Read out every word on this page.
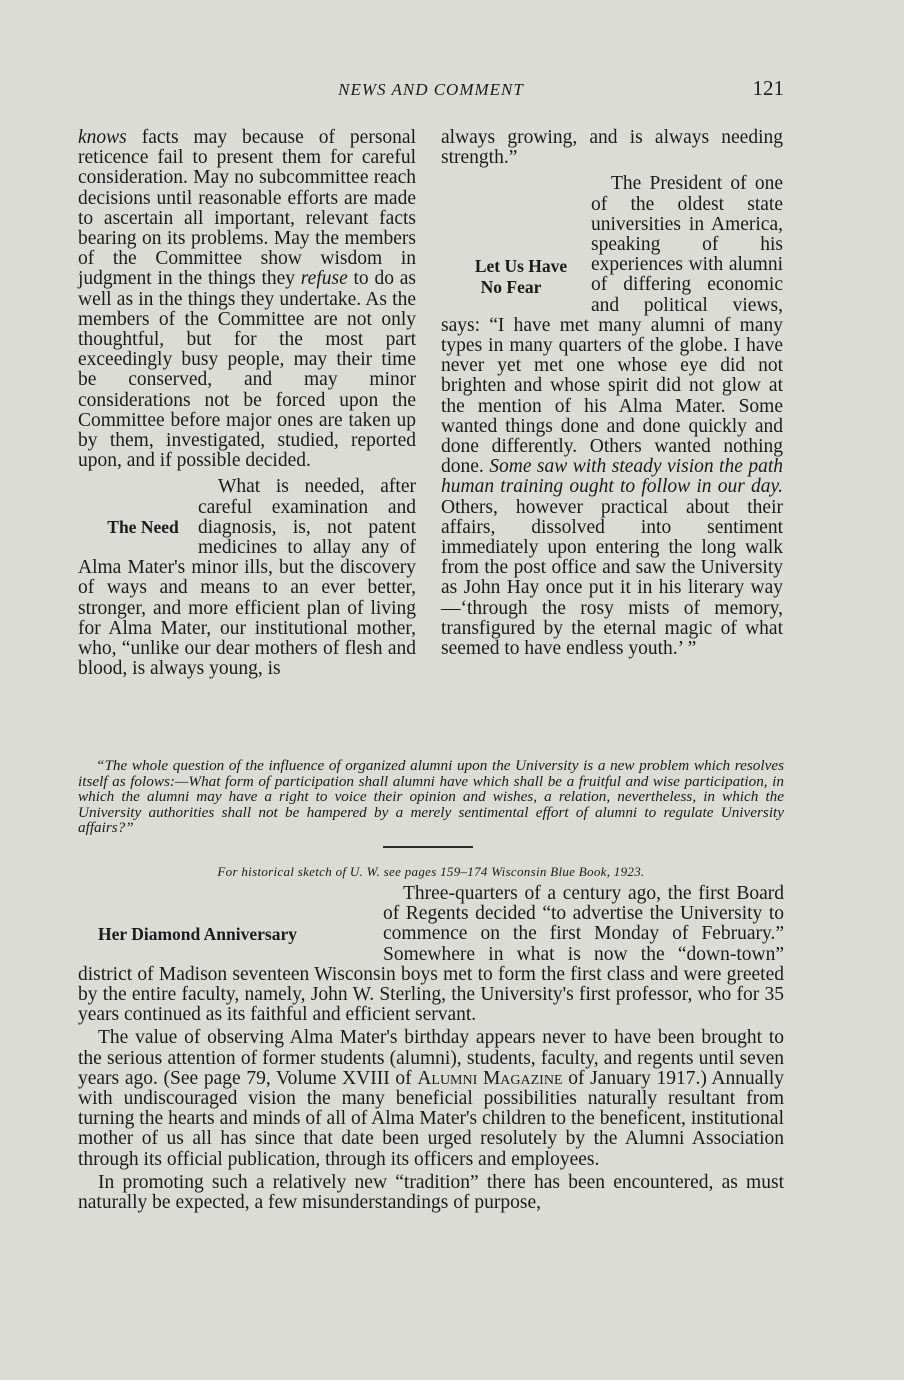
NEWS AND COMMENT	121

knows facts may because of personal reticence fail to present them for careful consideration. May no subcommittee reach decisions until reasonable efforts are made to ascertain all important, relevant facts bearing on its problems. May the members of the Committee show wisdom in judgment in the things they refuse to do as well as in the things they undertake. As the members of the Committee are not only thoughtful, but for the most part exceedingly busy people, may their time be conserved, and may minor considerations not be forced upon the Committee before major ones are taken up by them, investigated, studied, reported upon, and if possible decided.

The Need
What is needed, after careful examination and diagnosis, is, not patent medicines to allay any of Alma Mater's minor ills, but the discovery of ways and means to an ever better, stronger, and more efficient plan of living for Alma Mater, our institutional mother, who, “unlike our dear mothers of flesh and blood, is always young, is

always growing, and is always needing strength.”

Let Us Have
No Fear
The President of one of the oldest state universities in America, speaking of his experiences with alumni of differing economic and political views, says: “I have met many alumni of many types in many quarters of the globe. I have never yet met one whose eye did not brighten and whose spirit did not glow at the mention of his Alma Mater. Some wanted things done and done quickly and done differently. Others wanted nothing done. Some saw with steady vision the path human training ought to follow in our day. Others, however practical about their affairs, dissolved into sentiment immediately upon entering the long walk from the post office and saw the University as John Hay once put it in his literary way—‘through the rosy mists of memory, transfigured by the eternal magic of what seemed to have endless youth.’ ”

“The whole question of the influence of organized alumni upon the University is a new problem which resolves itself as folows:—What form of participation shall alumni have which shall be a fruitful and wise participation, in which the alumni may have a right to voice their opinion and wishes, a relation, nevertheless, in which the University authorities shall not be hampered by a merely sentimental effort of alumni to regulate University affairs?”

For historical sketch of U. W. see pages 159–174 Wisconsin Blue Book, 1923.

Her Diamond Anniversary
Three-quarters of a century ago, the first Board of Regents decided “to advertise the University to commence on the first Monday of February.” Somewhere in what is now the “down-town” district of Madison seventeen Wisconsin boys met to form the first class and were greeted by the entire faculty, namely, John W. Sterling, the University's first professor, who for 35 years continued as its faithful and efficient servant.

The value of observing Alma Mater's birthday appears never to have been brought to the serious attention of former students (alumni), students, faculty, and regents until seven years ago. (See page 79, Volume XVIII of Alumni Magazine of January 1917.) Annually with undiscouraged vision the many beneficial possibilities naturally resultant from turning the hearts and minds of all of Alma Mater's children to the beneficent, institutional mother of us all has since that date been urged resolutely by the Alumni Association through its official publication, through its officers and employees.

In promoting such a relatively new “tradition” there has been encountered, as must naturally be expected, a few misunderstandings of purpose,
